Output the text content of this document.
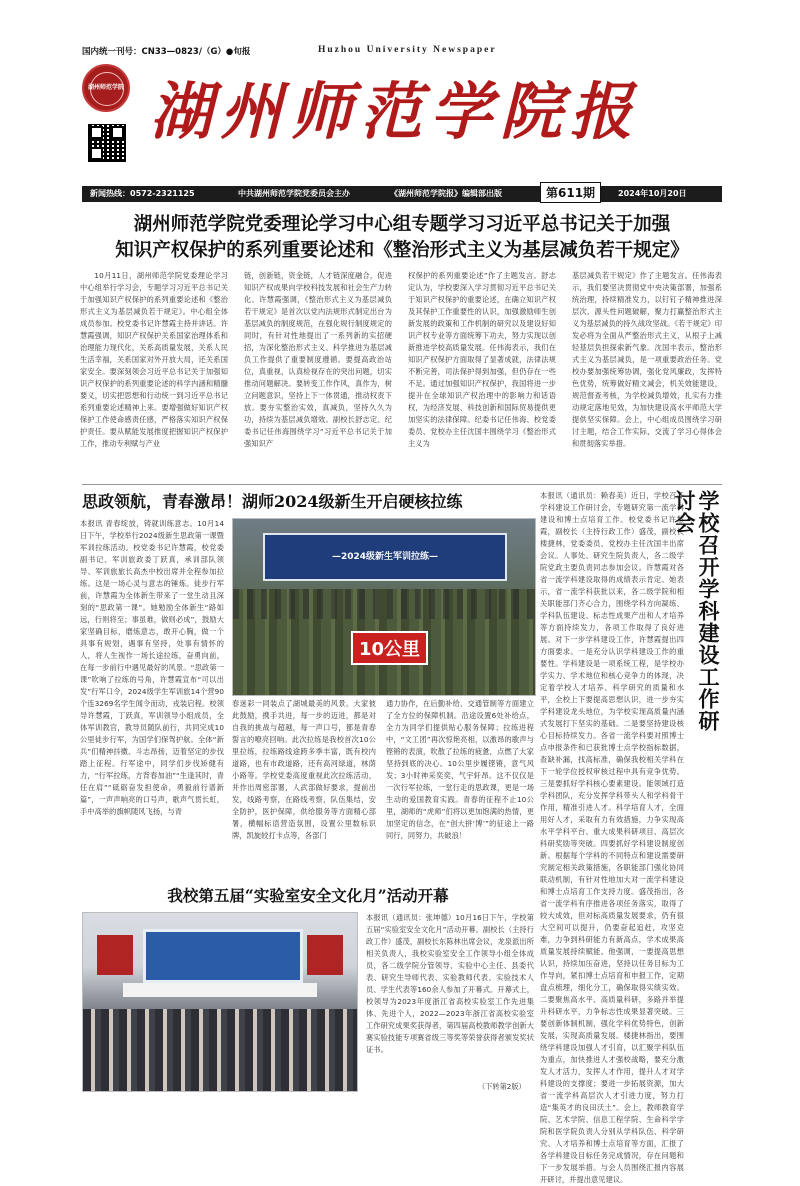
国内统一刊号：CN33—0823/（G）●旬报	Huzhou University Newspaper
湖州师范学院 湖州师范学院报
新闻热线：0572-2321125	中共湖州师范学院党委员会主办	《湖州师范学院报》编辑部出版	第611期	2024年10月20日
湖州师范学院党委理论学习中心组专题学习习近平总书记关于加强
知识产权保护的系列重要论述和《整治形式主义为基层减负若干规定》

10月11日，湖州师范学院党委理论学习中心组举行学习会，专题学习习近平总书记关于加强知识产权保护的系列重要论述和《整治形式主义为基层减负若干规定》。中心组全体成员参加。校党委书记许慧霞主持并讲话。许慧霞强调，知识产权保护关系国家治理体系和治理能力现代化，关系高质量发展，关系人民生活幸福，关系国家对外开放大局，还关系国家安全。要深刻领会习近平总书记关于加强知识产权保护的系列重要论述的科学内涵和精髓要义，切实把思想和行动统一到习近平总书记系列重要论述精神上来。要增强做好知识产权保护工作使命感责任感，严格落实知识产权保护责任。要从赋能发展推度把握知识产权保护工作，推动专利赋与产业

链，创新链，资金链，人才链深度融合，促进知识产权成果向学校科技发展和社会生产力转化。许慧霞强调，《整治形式主义为基层减负若干规定》是首次以党内法规形式制定出台为基层减负的制度规范，在强化规行制度规定的同时，有针对性地提出了一系列新的实招硬招，为深化整治形式主义、科学推进为基层减负工作提供了重要制度遵循。要提高政治站位，真重视，认真检视存在的突出问题，切实推动问题解决。要转变工作作风，真作为，树立问题意识，坚持上下一体贯通，推动权责下放。要夯实整治实效，真减负，坚持久久为功，持续为基层减负增效。副校长舒志定、纪委书记任伟海围绕学习“习近平总书记关于加强知识产

权保护的系列重要论述”作了主题发言。舒志定认为，学校要深入学习贯彻习近平总书记关于知识产权保护的重要论述，在确立知识产权及其保护工作重要性的认识，加强激励师生创新发展的政策和工作机制的研究以及建设好知识产权专业等方面统筹下功夫，努力实现以创新推进学校高质量发展。任伟海表示，我们在知识产权保护方面取得了显著成就，法律法规不断完善，司法保护得到加强，但仍存在一些不足。通过加强知识产权保护，我国将进一步提升在全球知识产权治理中的影响力和话语权，为经济发展、科技创新和国际贸易提供更加坚实的法律保障。纪委书记任伟海、校党委委员、党校办主任沈国丰围绕学习《整治形式主义为

基层减负若干规定》作了主题发言。任伟海表示，我们要坚决贯彻党中央决策部署，加强系统治理，持续精准发力，以钉钉子精神推进深层次、源头性问题破解，聚力打赢整治形式主义为基层减负的持久战攻坚战。《若干规定》印发必将为全面从严整治形式主义，从根子上减轻基层负担探索新气象。沈国丰表示，整治形式主义为基层减负，是一项重要政治任务。党校办要加强统筹协调，强化党风廉政，发挥特色优势，统筹做好精文减会，机关效能建设，规范督查考核，为学校减负增效，扎实有力推动规定落地见效，为加快建设高水平师范大学提供坚实保障。会上，中心组成员围绕学习研讨主题，结合工作实际，交流了学习心得体会和贯彻落实举措。

思政领航，青春激昂！湖师2024级新生开启硬核拉练

本报讯 青春绽放，铸就训练意志。10月14日下午，学校举行2024级新生思政第一课暨军训拉练活动。校党委书记许慧霞，校党委副书记、军训旅政委丁跃真，承训部队领导、军训旅旅长高杰中校出席并全程参加拉练。这是一场心灵与意志的锤炼。徒步行军前，许慧霞为全体新生带来了一堂生动且深刻的“思政第一课”。她勉励全体新生“路如远，行则将至；事虽难，做则必成”，鼓励大家坚确目标，磨炼意志，敢开心胸，做一个具事有规划，遇事有坚持，处事有情怀的人，将人生视作一场长途拉练，奋勇向前，在每一步前行中遇见最好的风景。“思政第一课”吹响了拉练的号角，许慧霞宣布“可以出发”行军口令，2024级学生军训旅14个营90个连3269名学生闻令而动，戎装启程。校领导许慧霞，丁跃真，军训领导小组成员，全体军训教官，教导员随队前行，共同完成10公里徒步行军，为国学们保驾护航。全体“新兵”们精神抖擞、斗志昂扬，迈着坚定的步伐踏上征程。行军途中，同学们步伐矫健有力，“行军拉练，方背春加油”“生逢其时，青任在肩”“砥砺奋发担使命，勇毅前行谱新篇”，一声声响亮的口号声，歌声气贯长虹，手中高举的旗帜随风飞扬，与青

—2024级新生军训拉练—
10公里

春迷彩一同装点了湖城最美的风景。大家彼此鼓励，携手共进，每一步的迈进，都是对自我的挑战与超越，每一声口号，都是青春誓言的嘹亮回响。此次拉练是我校首次10公里拉练，拉练路线途跨多季丰富，既有校内道路，也有市政道路，还有高河绿道，林荫小路等。学校党委高度重视此次拉练活动，并作出周密部署，人武部做好要求，提前出发，线路考察，在路线考察，队伍集结，安全防护，医护保障，供给服务等方面精心部署，横幅标语营造氛围，设置公里数标识牌，凯旋较打卡点等，各部门

通力协作，在后勤补给、交通管制等方面建立了全方位的保障机制。沿途设置6处补给点，全力为同学们提供贴心服务保障；拉练进程中，“文工团”再次惊艳亮相，以激昂的歌声与铿锵的表演，吹散了拉练的疲惫，点燃了大家坚持到底的决心。10公里步履铿锵，意气风发；3小时神采奕奕，气宇轩昂。这不仅仅是一次行军拉练，一堂行走的思政课，更是一场生动的爱国教育实践。青春的征程不止10公里，湖师的“虎师”们将以更加饱满的热情，更加坚定的信念，在“创大拼‘博’”的征途上一路同行，同努力，共破浪！

本报讯（通讯员：赖春美）近日，学校召开学科建设工作研讨会，专题研究第一流学科建设和博士点培育工作。校党委书记许慧霞，副校长（主持行政工作）盛茂，副校长楼捷林，党委委员、党校办主任沈国丰出席会议。人事处、研究生院负责人，各二级学院党政主要负责同志参加会议。许慧霞对各省一流学科建设取得的成绩表示肯定。她表示，省一流学科获批以来，各二级学院和相关职能部门齐心合力，围绕学科方向凝练、学科队伍建设、标志性成果产出和人才培养等方面持续发力，各项工作取得了良好进展。对下一步学科建设工作，许慧霞提出四方面要求。一是充分认识学科建设工作的重要性。学科建设是一项系统工程，是学校办学实力、学术地位和核心竞争力的体现，决定着学校人才培养、科学研究的质量和水平，全校上下要提高思想认识，进一步夯实学科建设龙头地位，为学校实现高质量内涵式发展打下坚实的基础。二是要坚持建设核心目标持续发力。各省一流学科要对照博士点申报条件和已获批博士点学校指标数据，查缺补漏，找高标准，确保我校相关学科在下一轮学位授权审核过程中具有竞争优势。三是要抓好学科核心要素建设。能领域打造学科团队，充分发挥学科带头人和学科骨干作用，精准引进人才。科学培育人才，全面用好人才，采取有力有效措施，力争实现高水平学科平台、重大成果科研项目、高层次科研奖励等突破。四要抓好学科建设制度创新。根据每个学科的不同特点和建设需要研究制定相关政策措施，各职能部门强化协同联动机制，有针对性地加大对一流学科建设和博士点培育工作支持力度。盛茂指出，各省一流学科有序推进各项任务落实，取得了较大成效，但对标高质量发展要求，仍有很大空间可以提升，仍要奋起追赶，攻坚克难，力争到科研能力有新高点，学术成果高质量发展持续赋能。他强调，一要提高思想认识，持续加压奋进，坚持以任务目标为工作导向，紧扣博士点培育和申报工作，定期盘点梳理，细化分工，确保取得实绩实效。二要聚焦高水平、高质量科研，多路并举提升科研水平，力争标志性成果显著突破。三要创新体制机制，强化学科优势特色，创新发展，实现高质量发展。楼捷林指出，要围绕学科建设加强人才引育，以汇聚学科队伍为重点，加快推进人才强校战略，要充分激发人才活力，发挥人才作用，提升人才对学科建设的支撑度；要进一步拓展资源，加大省一流学科高层次人才引进力度，努力打造“集英才的良田沃土”。会上，教师教育学院、艺术学院、信息工程学院、生命科学学院和医学院负责人分别从学科队伍、科学研究、人才培养和博士点培育等方面，汇报了各学科建设目标任务完成情况，存在问题和下一步发展举措。与会人员围绕汇报内容展开研讨，并提出意见建议。

学校召开学科建设工作研讨会
我校第五届“实验室安全文化月”活动开幕

本报讯（通讯员：张坤德）10月16日下午，学校第五届“实验室安全文化月”活动开幕。副校长（主持行政工作）盛茂，副校长东陈林出席会议，龙泉派出所相关负责人，我校实验室安全工作领导小组全体成员，各二级学院分管领导、实验中心主任、县委代表、研究生导师代表、实验教师代表、实验技术人员、学生代表等160余人参加了开幕式。开幕式上，校领导为2023年度浙江省高校实验室工作先进集体、先进个人，2022—2023年浙江省高校实验室工作研究成果奖获得者，第四届高校教师教学创新大赛实验技能专项赛省级三等奖等荣誉获得者颁发奖状证书。

（下转第2版）
